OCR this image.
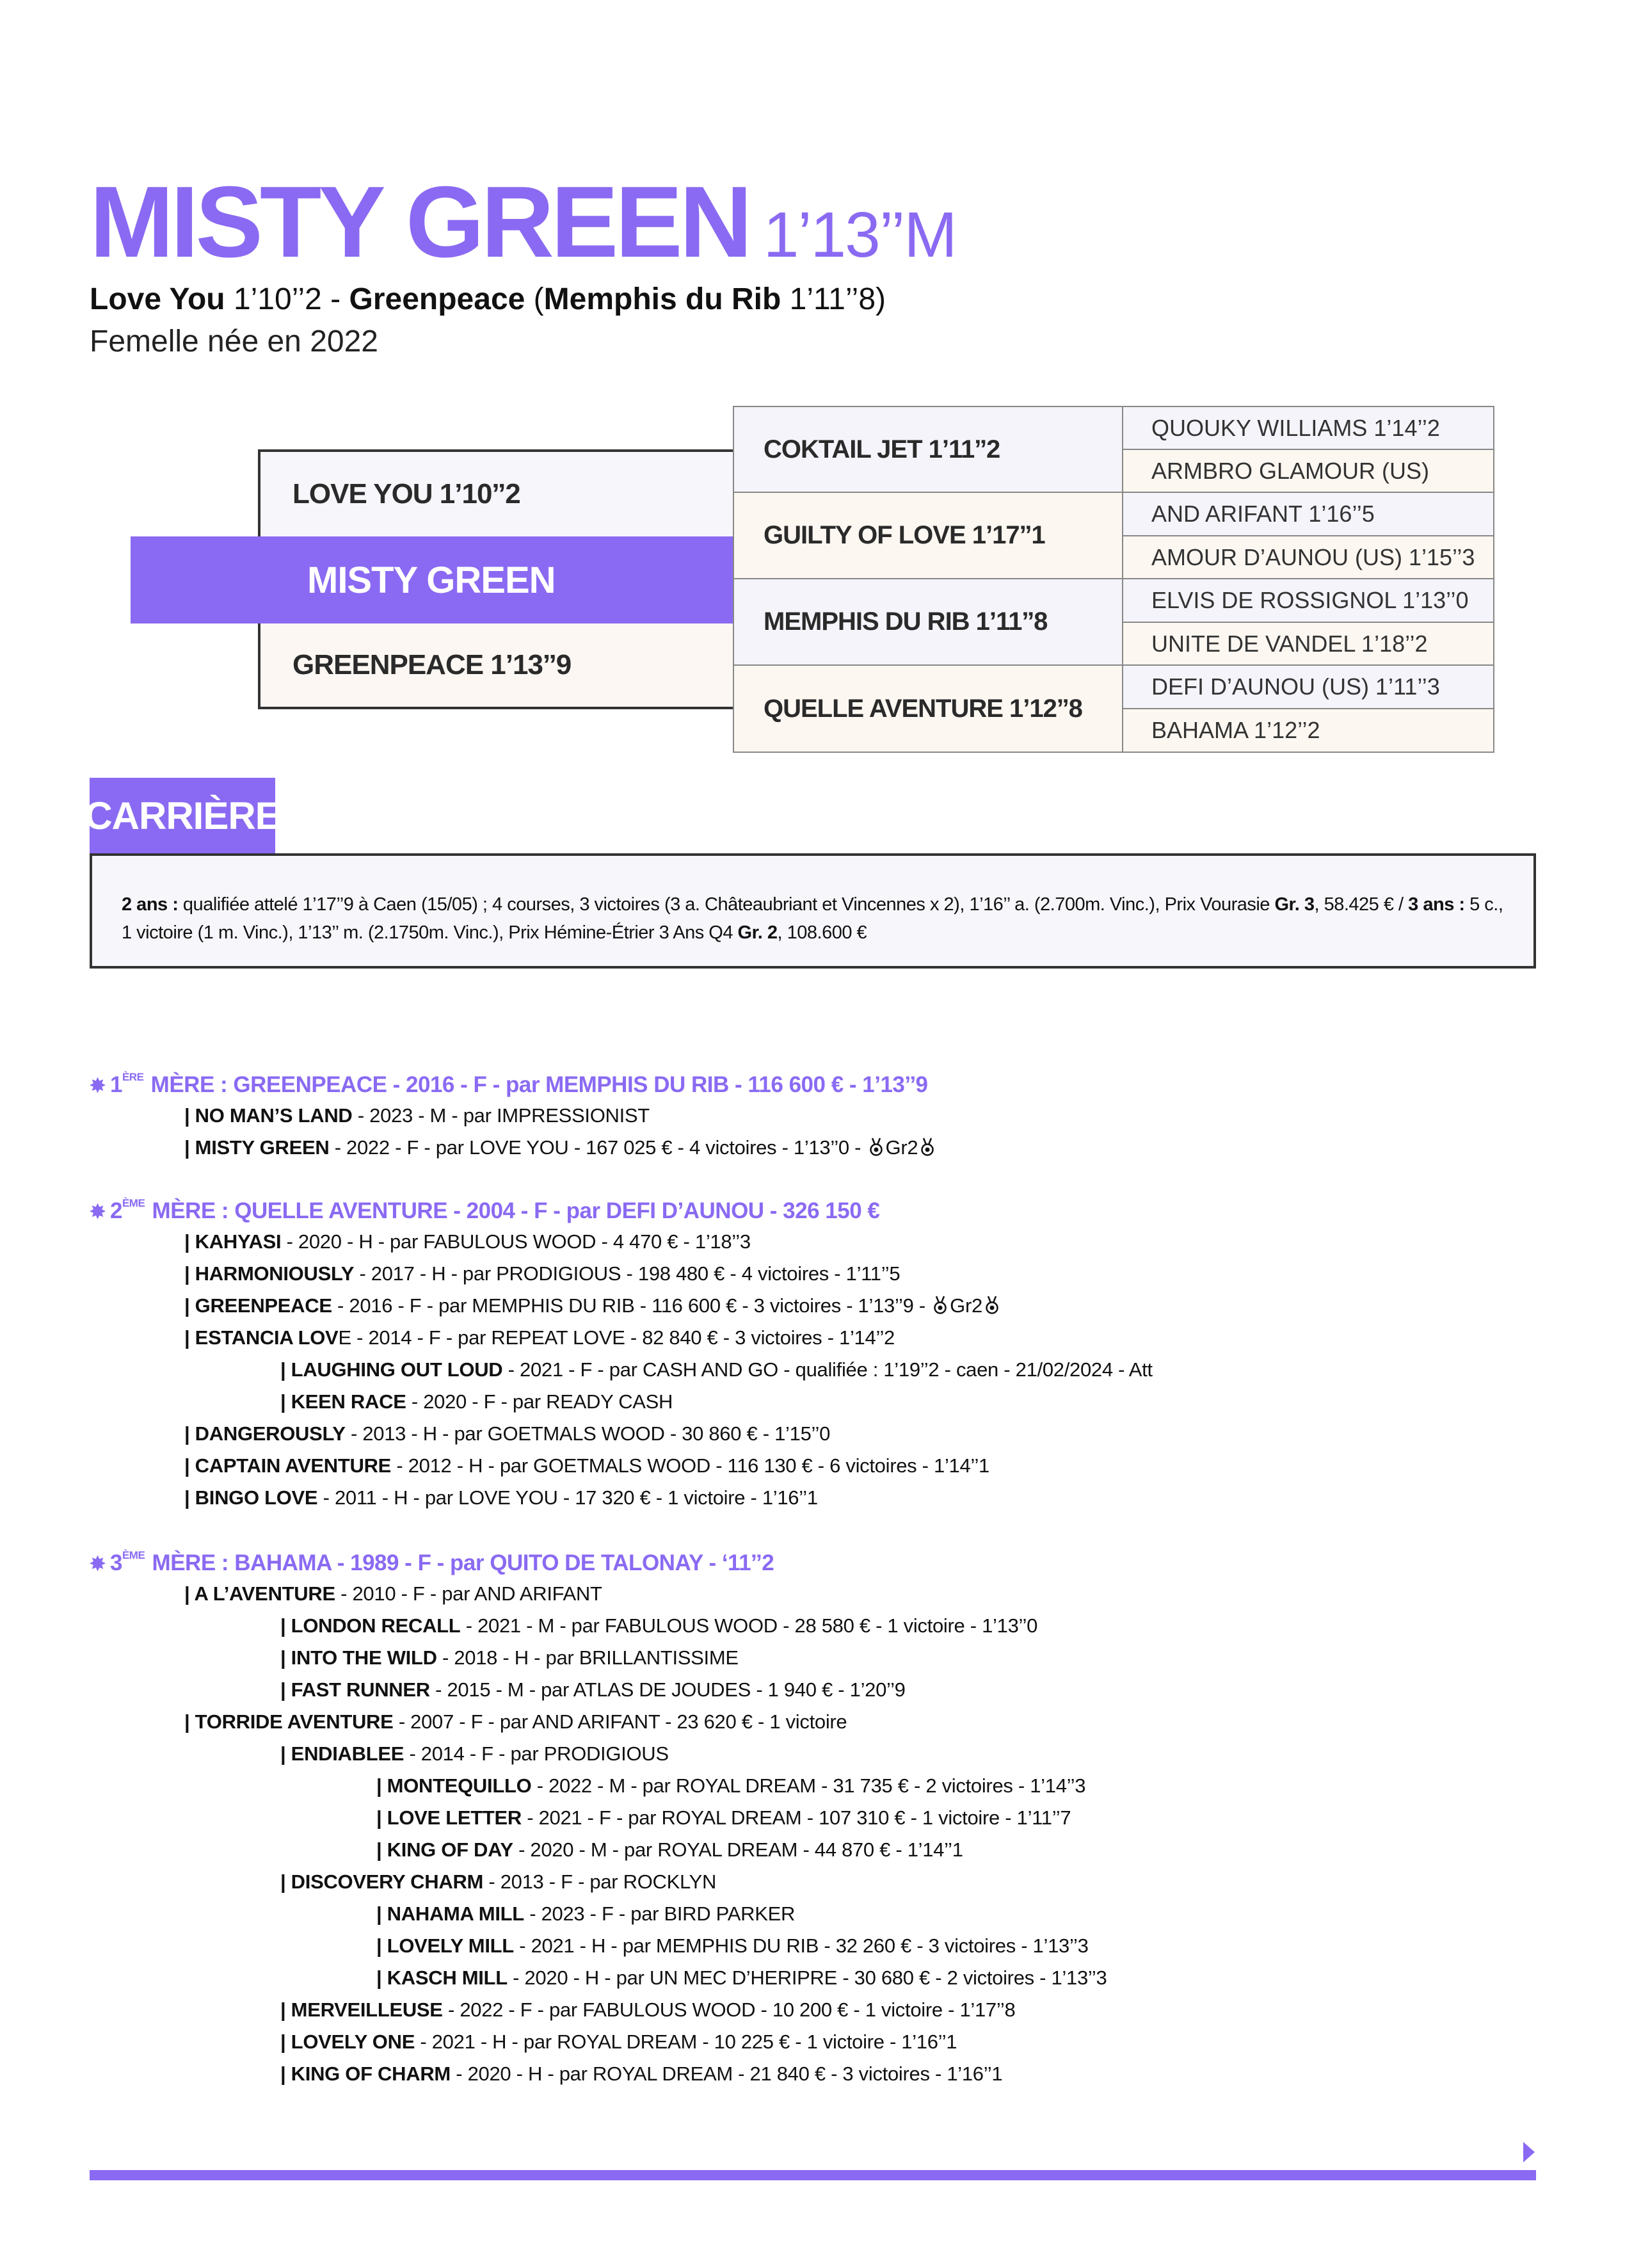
MISTY GREEN 1’13’’M
Love You 1’10’’2 - Greenpeace (Memphis du Rib 1’11’’8)
Femelle née en 2022
LOVE YOU 1’10’’2
MISTY GREEN
GREENPEACE 1’13’’9
COKTAIL JET 1’11’’2	QUOUKY WILLIAMS 1’14’’2
	ARMBRO GLAMOUR (US)
GUILTY OF LOVE 1’17’’1	AND ARIFANT 1’16’’5
	AMOUR D’AUNOU (US) 1’15’’3
MEMPHIS DU RIB 1’11’’8	ELVIS DE ROSSIGNOL 1’13’’0
	UNITE DE VANDEL 1’18’’2
QUELLE AVENTURE 1’12’’8	DEFI D’AUNOU (US) 1’11’’3
	BAHAMA 1’12’’2
CARRIÈRE
2 ans : qualifiée attelé 1’17’’9 à Caen (15/05) ; 4 courses, 3 victoires (3 a. Châteaubriant et Vincennes x 2), 1’16’’ a. (2.700m. Vinc.), Prix Vourasie Gr. 3, 58.425 € / 3 ans : 5 c.,
1 victoire (1 m. Vinc.), 1’13’’ m. (2.1750m. Vinc.), Prix Hémine-Étrier 3 Ans Q4 Gr. 2, 108.600 €
✸ 1ÈRE MÈRE : GREENPEACE - 2016 - F - par MEMPHIS DU RIB - 116 600 € - 1’13’’9
| NO MAN’S LAND - 2023 - M - par IMPRESSIONIST
| MISTY GREEN - 2022 - F - par LOVE YOU - 167 025 € - 4 victoires - 1’13’’0 - Gr2
✸ 2ÈME MÈRE : QUELLE AVENTURE - 2004 - F - par DEFI D’AUNOU - 326 150 €
| KAHYASI - 2020 - H - par FABULOUS WOOD - 4 470 € - 1’18’’3
| HARMONIOUSLY - 2017 - H - par PRODIGIOUS - 198 480 € - 4 victoires - 1’11’’5
| GREENPEACE - 2016 - F - par MEMPHIS DU RIB - 116 600 € - 3 victoires - 1’13’’9 - Gr2
| ESTANCIA LOVE - 2014 - F - par REPEAT LOVE - 82 840 € - 3 victoires - 1’14’’2
| LAUGHING OUT LOUD - 2021 - F - par CASH AND GO - qualifiée : 1’19’’2 - caen - 21/02/2024 - Att
| KEEN RACE - 2020 - F - par READY CASH
| DANGEROUSLY - 2013 - H - par GOETMALS WOOD - 30 860 € - 1’15’’0
| CAPTAIN AVENTURE - 2012 - H - par GOETMALS WOOD - 116 130 € - 6 victoires - 1’14’’1
| BINGO LOVE - 2011 - H - par LOVE YOU - 17 320 € - 1 victoire - 1’16’’1
✸ 3ÈME MÈRE : BAHAMA - 1989 - F - par QUITO DE TALONAY - ‘11’’2
| A L’AVENTURE - 2010 - F - par AND ARIFANT
| LONDON RECALL - 2021 - M - par FABULOUS WOOD - 28 580 € - 1 victoire - 1’13’’0
| INTO THE WILD - 2018 - H - par BRILLANTISSIME
| FAST RUNNER - 2015 - M - par ATLAS DE JOUDES - 1 940 € - 1’20’’9
| TORRIDE AVENTURE - 2007 - F - par AND ARIFANT - 23 620 € - 1 victoire
| ENDIABLEE - 2014 - F - par PRODIGIOUS
| MONTEQUILLO - 2022 - M - par ROYAL DREAM - 31 735 € - 2 victoires - 1’14’’3
| LOVE LETTER - 2021 - F - par ROYAL DREAM - 107 310 € - 1 victoire - 1’11’’7
| KING OF DAY - 2020 - M - par ROYAL DREAM - 44 870 € - 1’14’’1
| DISCOVERY CHARM - 2013 - F - par ROCKLYN
| NAHAMA MILL - 2023 - F - par BIRD PARKER
| LOVELY MILL - 2021 - H - par MEMPHIS DU RIB - 32 260 € - 3 victoires - 1’13’’3
| KASCH MILL - 2020 - H - par UN MEC D’HERIPRE - 30 680 € - 2 victoires - 1’13’’3
| MERVEILLEUSE - 2022 - F - par FABULOUS WOOD - 10 200 € - 1 victoire - 1’17’’8
| LOVELY ONE - 2021 - H - par ROYAL DREAM - 10 225 € - 1 victoire - 1’16’’1
| KING OF CHARM - 2020 - H - par ROYAL DREAM - 21 840 € - 3 victoires - 1’16’’1
